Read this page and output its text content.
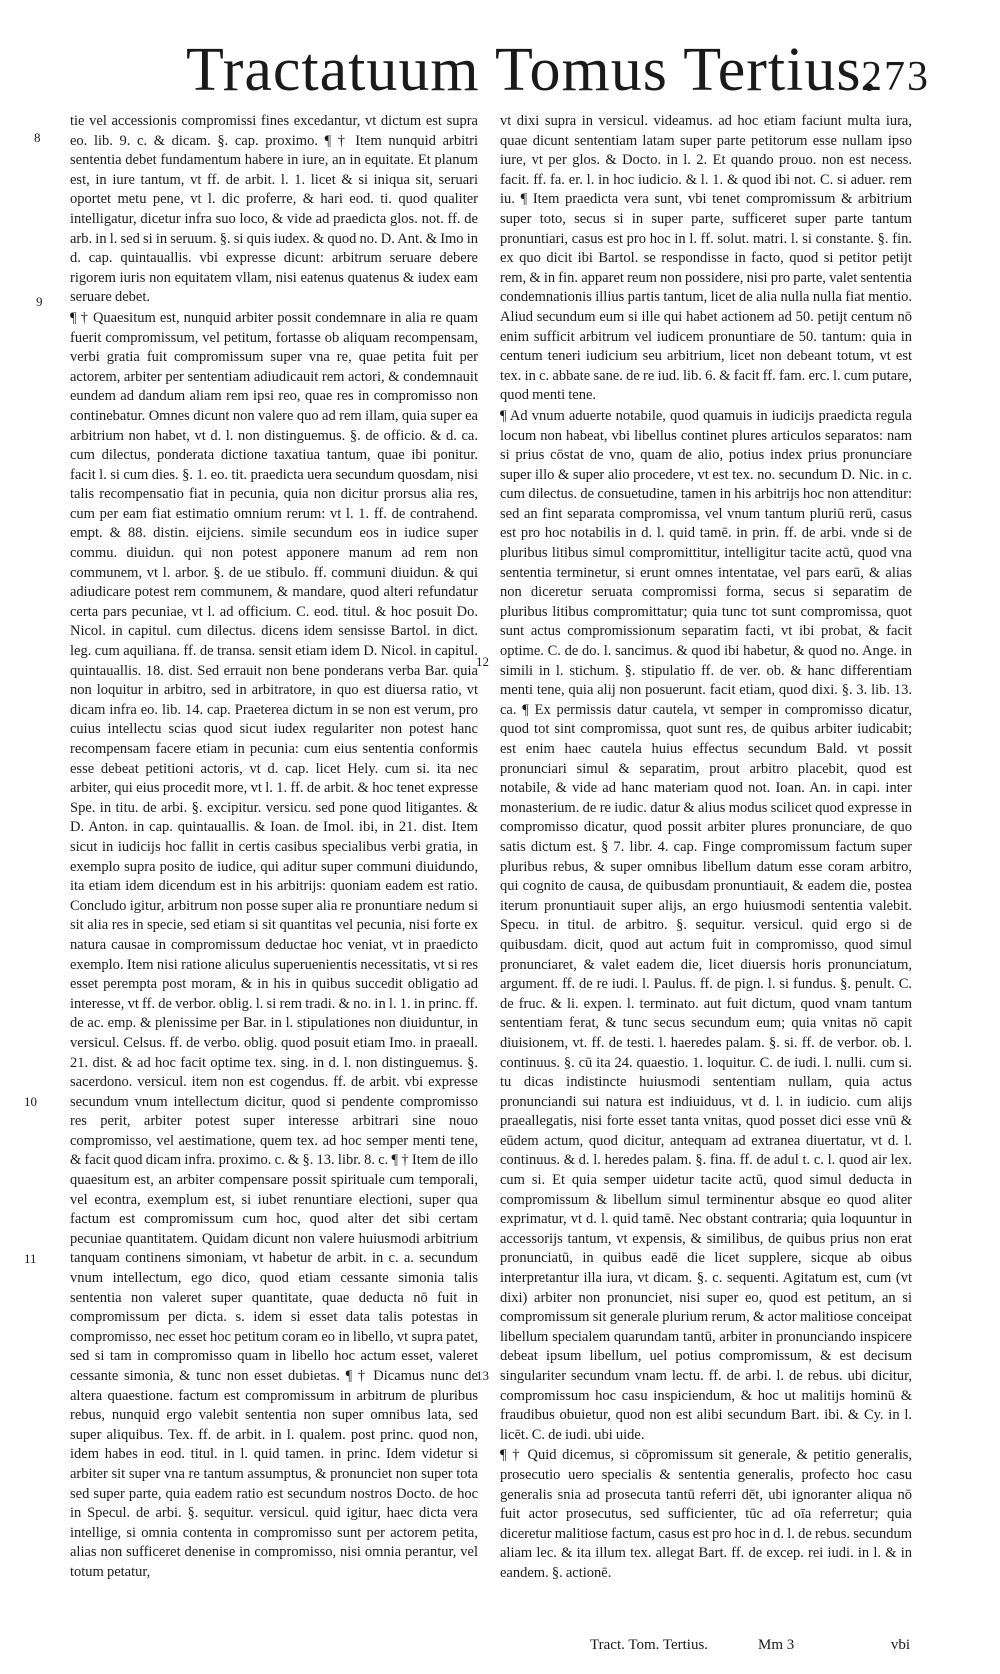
Tractatuum Tomus Tertius.
273
8
9
10
11
12
13

tie vel accessionis compromissi fines excedantur, vt dictum est supra eo. lib. 9. c. & dicam. §. cap. proximo. ¶ † Item nunquid arbitri sententia debet fundamentum habere in iure, an in equitate. Et planum est, in iure tantum, vt ff. de arbit. l. 1. licet & si iniqua sit, seruari oportet metu pene, vt l. dic proferre, & hari eod. ti. quod qualiter intelligatur, dicetur infra suo loco, & vide ad praedicta glos. not. ff. de arb. in l. sed si in seruum. §. si quis iudex. & quod no. D. Ant. & Imo in d. cap. quintauallis. vbi expresse dicunt: arbitrum seruare debere rigorem iuris non equitatem vllam, nisi eatenus quatenus & iudex eam seruare debet.

¶ † Quaesitum est, nunquid arbiter possit condemnare in alia re quam fuerit compromissum, vel petitum, fortasse ob aliquam recompensam, verbi gratia fuit compromissum super vna re, quae petita fuit per actorem, arbiter per sententiam adiudicauit rem actori, & condemnauit eundem ad dandum aliam rem ipsi reo, quae res in compromisso non continebatur. Omnes dicunt non valere quo ad rem illam, quia super ea arbitrium non habet, vt d. l. non distinguemus. §. de officio. & d. ca. cum dilectus, ponderata dictione taxatiua tantum, quae ibi ponitur. facit l. si cum dies. §. 1. eo. tit. praedicta uera secundum quosdam, nisi talis recompensatio fiat in pecunia, quia non dicitur prorsus alia res, cum per eam fiat estimatio omnium rerum: vt l. 1. ff. de contrahend. empt. & 88. distin. eijciens. simile secundum eos in iudice super commu. diuidun. qui non potest apponere manum ad rem non communem, vt l. arbor. §. de ue stibulo. ff. communi diuidun. & qui adiudicare potest rem communem, & mandare, quod alteri refundatur certa pars pecuniae, vt l. ad officium. C. eod. titul. & hoc posuit Do. Nicol. in capitul. cum dilectus. dicens idem sensisse Bartol. in dict. leg. cum aquiliana. ff. de transa. sensit etiam idem D. Nicol. in capitul. quintauallis. 18. dist. Sed errauit non bene ponderans verba Bar. quia non loquitur in arbitro, sed in arbitratore, in quo est diuersa ratio, vt dicam infra eo. lib. 14. cap. Praeterea dictum in se non est verum, pro cuius intellectu scias quod sicut iudex regulariter non potest hanc recompensam facere etiam in pecunia: cum eius sententia conformis esse debeat petitioni actoris, vt d. cap. licet Hely. cum si. ita nec arbiter, qui eius procedit more, vt l. 1. ff. de arbit. & hoc tenet expresse Spe. in titu. de arbi. §. excipitur. versicu. sed pone quod litigantes. & D. Anton. in cap. quintauallis. & Ioan. de Imol. ibi, in 21. dist. Item sicut in iudicijs hoc fallit in certis casibus specialibus verbi gratia, in exemplo supra posito de iudice, qui aditur super communi diuidundo, ita etiam idem dicendum est in his arbitrijs: quoniam eadem est ratio. Concludo igitur, arbitrum non posse super alia re pronuntiare nedum si sit alia res in specie, sed etiam si sit quantitas vel pecunia, nisi forte ex natura causae in compromissum deductae hoc veniat, vt in praedicto exemplo. Item nisi ratione aliculus superuenientis necessitatis, vt si res esset perempta post moram, & in his in quibus succedit obligatio ad interesse, vt ff. de verbor. oblig. l. si rem tradi. & no. in l. 1. in princ. ff. de ac. emp. & plenissime per Bar. in l. stipulationes non diuiduntur, in versicul. Celsus. ff. de verbo. oblig. quod posuit etiam Imo. in praeall. 21. dist. & ad hoc facit optime tex. sing. in d. l. non distinguemus. §. sacerdono. versicul. item non est cogendus. ff. de arbit. vbi expresse secundum vnum intellectum dicitur, quod si pendente compromisso res perit, arbiter potest super interesse arbitrari sine nouo compromisso, vel aestimatione, quem tex. ad hoc semper menti tene, & facit quod dicam infra. proximo. c. & §. 13. libr. 8. c. ¶ † Item de illo quaesitum est, an arbiter compensare possit spirituale cum temporali, vel econtra, exemplum est, si iubet renuntiare electioni, super qua factum est compromissum cum hoc, quod alter det sibi certam pecuniae quantitatem. Quidam dicunt non valere huiusmodi arbitrium tanquam continens simoniam, vt habetur de arbit. in c. a. secundum vnum intellectum, ego dico, quod etiam cessante simonia talis sententia non valeret super quantitate, quae deducta nō fuit in compromissum per dicta. s. idem si esset data talis potestas in compromisso, nec esset hoc petitum coram eo in libello, vt supra patet, sed si tam in compromisso quam in libello hoc actum esset, valeret cessante simonia, & tunc non esset dubietas. ¶ † Dicamus nunc de altera quaestione. factum est compromissum in arbitrum de pluribus rebus, nunquid ergo valebit sententia non super omnibus lata, sed super aliquibus. Tex. ff. de arbit. in l. qualem. post princ. quod non, idem habes in eod. titul. in l. quid tamen. in princ. Idem videtur si arbiter sit super vna re tantum assumptus, & pronunciet non super tota sed super parte, quia eadem ratio est secundum nostros Docto. de hoc in Specul. de arbi. §. sequitur. versicul. quid igitur, haec dicta vera intellige, si omnia contenta in compromisso sunt per actorem petita, alias non sufficeret denenise in compromisso, nisi omnia perantur, vel totum petatur,

vt dixi supra in versicul. videamus. ad hoc etiam faciunt multa iura, quae dicunt sententiam latam super parte petitorum esse nullam ipso iure, vt per glos. & Docto. in l. 2. Et quando prouo. non est necess. facit. ff. fa. er. l. in hoc iudicio. & l. 1. & quod ibi not. C. si aduer. rem iu. ¶ Item praedicta vera sunt, vbi tenet compromissum & arbitrium super toto, secus si in super parte, sufficeret super parte tantum pronuntiari, casus est pro hoc in l. ff. solut. matri. l. si constante. §. fin. ex quo dicit ibi Bartol. se respondisse in facto, quod si petitor petijt rem, & in fin. apparet reum non possidere, nisi pro parte, valet sententia condemnationis illius partis tantum, licet de alia nulla nulla fiat mentio. Aliud secundum eum si ille qui habet actionem ad 50. petijt centum nō enim sufficit arbitrum vel iudicem pronuntiare de 50. tantum: quia in centum teneri iudicium seu arbitrium, licet non debeant totum, vt est tex. in c. abbate sane. de re iud. lib. 6. & facit ff. fam. erc. l. cum putare, quod menti tene.

¶ Ad vnum aduerte notabile, quod quamuis in iudicijs praedicta regula locum non habeat, vbi libellus continet plures articulos separatos: nam si prius cōstat de vno, quam de alio, potius index prius pronunciare super illo & super alio procedere, vt est tex. no. secundum D. Nic. in c. cum dilectus. de consuetudine, tamen in his arbitrijs hoc non attenditur: sed an fint separata compromissa, vel vnum tantum pluriū rerū, casus est pro hoc notabilis in d. l. quid tamē. in prin. ff. de arbi. vnde si de pluribus litibus simul compromittitur, intelligitur tacite actū, quod vna sententia terminetur, si erunt omnes intentatae, vel pars earū, & alias non diceretur seruata compromissi forma, secus si separatim de pluribus litibus compromittatur; quia tunc tot sunt compromissa, quot sunt actus compromissionum separatim facti, vt ibi probat, & facit optime. C. de do. l. sancimus. & quod ibi habetur, & quod no. Ange. in simili in l. stichum. §. stipulatio ff. de ver. ob. & hanc differentiam menti tene, quia alij non posuerunt. facit etiam, quod dixi. §. 3. lib. 13. ca. ¶ Ex permissis datur cautela, vt semper in compromisso dicatur, quod tot sint compromissa, quot sunt res, de quibus arbiter iudicabit; est enim haec cautela huius effectus secundum Bald. vt possit pronunciari simul & separatim, prout arbitro placebit, quod est notabile, & vide ad hanc materiam quod not. Ioan. An. in capi. inter monasterium. de re iudic. datur & alius modus scilicet quod expresse in compromisso dicatur, quod possit arbiter plures pronunciare, de quo satis dictum est. § 7. libr. 4. cap. Finge compromissum factum super pluribus rebus, & super omnibus libellum datum esse coram arbitro, qui cognito de causa, de quibusdam pronuntiauit, & eadem die, postea iterum pronuntiauit super alijs, an ergo huiusmodi sententia valebit. Specu. in titul. de arbitro. §. sequitur. versicul. quid ergo si de quibusdam. dicit, quod aut actum fuit in compromisso, quod simul pronunciaret, & valet eadem die, licet diuersis horis pronunciatum, argument. ff. de re iudi. l. Paulus. ff. de pign. l. si fundus. §. penult. C. de fruc. & li. expen. l. terminato. aut fuit dictum, quod vnam tantum sententiam ferat, & tunc secus secundum eum; quia vnitas nō capit diuisionem, vt. ff. de testi. l. haeredes palam. §. si. ff. de verbor. ob. l. continuus. §. cū ita 24. quaestio. 1. loquitur. C. de iudi. l. nulli. cum si. tu dicas indistincte huiusmodi sententiam nullam, quia actus pronunciandi sui natura est indiuiduus, vt d. l. in iudicio. cum alijs praeallegatis, nisi forte esset tanta vnitas, quod posset dici esse vnū & eūdem actum, quod dicitur, antequam ad extranea diuertatur, vt d. l. continuus. & d. l. heredes palam. §. fina. ff. de adul t. c. l. quod air lex. cum si. Et quia semper uidetur tacite actū, quod simul deducta in compromissum & libellum simul terminentur absque eo quod aliter exprimatur, vt d. l. quid tamē. Nec obstant contraria; quia loquuntur in accessorijs tantum, vt expensis, & similibus, de quibus prius non erat pronunciatū, in quibus eadē die licet supplere, sicque ab oibus interpretantur illa iura, vt dicam. §. c. sequenti. Agitatum est, cum (vt dixi) arbiter non pronunciet, nisi super eo, quod est petitum, an si compromissum sit generale plurium rerum, & actor malitiose conceipat libellum specialem quarundam tantū, arbiter in pronunciando inspicere debeat ipsum libellum, uel potius compromissum, & est decisum singulariter secundum vnam lectu. ff. de arbi. l. de rebus. ubi dicitur, compromissum hoc casu inspiciendum, & hoc ut malitijs hominū & fraudibus obuietur, quod non est alibi secundum Bart. ibi. & Cy. in l. licēt. C. de iudi. ubi uide.

¶ † Quid dicemus, si cōpromissum sit generale, & petitio generalis, prosecutio uero specialis & sententia generalis, profecto hoc casu generalis snia ad prosecuta tantū referri dēt, ubi ignoranter aliqua nō fuit actor prosecutus, sed sufficienter, tūc ad oīa referretur; quia diceretur malitiose factum, casus est pro hoc in d. l. de rebus. secundum aliam lec. & ita illum tex. allegat Bart. ff. de excep. rei iudi. in l. & in eandem. §. actionē.

Tract. Tom. Tertius.	Mm 3	vbi
